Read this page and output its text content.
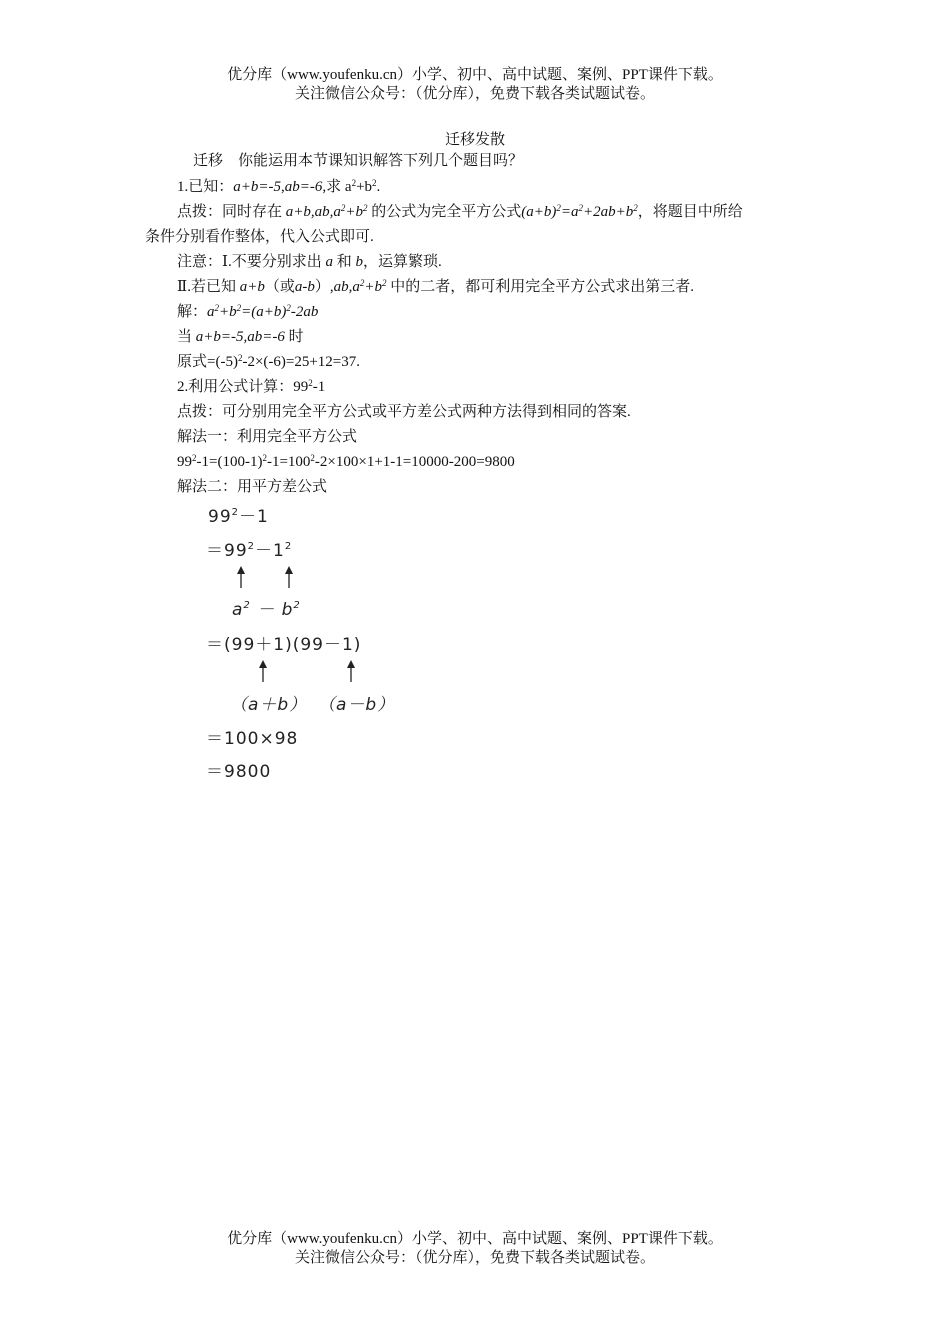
优分库（www.youfenku.cn）小学、初中、高中试题、案例、PPT课件下载。
关注微信公众号：（优分库），免费下载各类试题试卷。
迁移发散
迁移　你能运用本节课知识解答下列几个题目吗？
1.已知：a+b=-5,ab=-6,求 $a^2+b^2$.
点拨：同时存在 $a+b,ab,a^2+b^2$ 的公式为完全平方公式$(a+b)^2=a^2+2ab+b^2$，将题目中所给
条件分别看作整体，代入公式即可.
注意：Ⅰ.不要分别求出 a 和 b，运算繁琐.
Ⅱ.若已知 a+b（或$a-b),ab,a^2+b^2$ 中的二者，都可利用完全平方公式求出第三者.
解：$a^2+b^2=(a+b)^2-2ab$
当 a+b=-5,ab=-6 时
原式$=(-5)^2-2\times(-6)=25+12=37$.
2.利用公式计算：$99^2-1$
点拨：可分别用完全平方公式或平方差公式两种方法得到相同的答案.
解法一：利用完全平方公式
$99^2-1=(100-1)^2-1=100^2-2\times 100\times 1+1-1=10000-200=9800$
解法二：用平方差公式
$99^2-1$
$=99^2-1^2$
$a^2 - b^2$
＝(99＋1)(99－1)
（a＋b） （a－b）
＝100×98
＝9800
优分库（www.youfenku.cn）小学、初中、高中试题、案例、PPT课件下载。
关注微信公众号：（优分库），免费下载各类试题试卷。
